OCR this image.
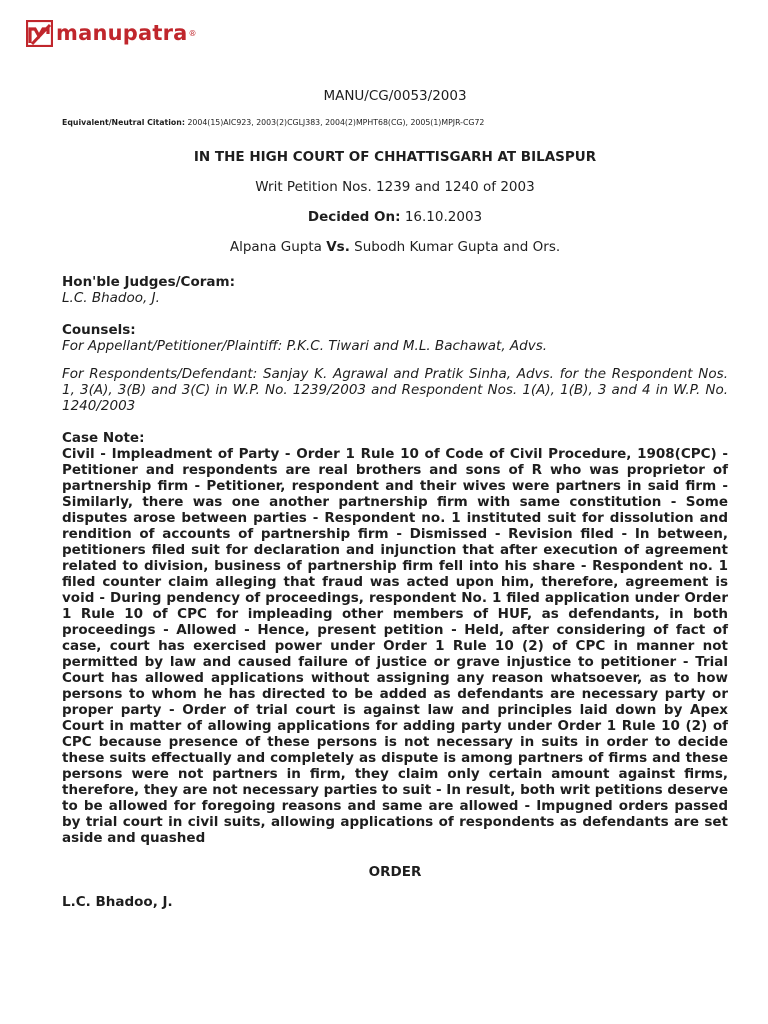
manupatra ®
MANU/CG/0053/2003
Equivalent/Neutral Citation: 2004(15)AIC923, 2003(2)CGLJ383, 2004(2)MPHT68(CG), 2005(1)MPJR-CG72
IN THE HIGH COURT OF CHHATTISGARH AT BILASPUR
Writ Petition Nos. 1239 and 1240 of 2003
Decided On: 16.10.2003
Alpana Gupta Vs. Subodh Kumar Gupta and Ors.
Hon'ble Judges/Coram:
L.C. Bhadoo, J.
Counsels:
For Appellant/Petitioner/Plaintiff: P.K.C. Tiwari and M.L. Bachawat, Advs.
For Respondents/Defendant: Sanjay K. Agrawal and Pratik Sinha, Advs. for the Respondent Nos. 1, 3(A), 3(B) and 3(C) in W.P. No. 1239/2003 and Respondent Nos. 1(A), 1(B), 3 and 4 in W.P. No. 1240/2003
Case Note:
Civil - Impleadment of Party - Order 1 Rule 10 of Code of Civil Procedure, 1908(CPC) - Petitioner and respondents are real brothers and sons of R who was proprietor of partnership firm - Petitioner, respondent and their wives were partners in said firm - Similarly, there was one another partnership firm with same constitution - Some disputes arose between parties - Respondent no. 1 instituted suit for dissolution and rendition of accounts of partnership firm - Dismissed - Revision filed - In between, petitioners filed suit for declaration and injunction that after execution of agreement related to division, business of partnership firm fell into his share - Respondent no. 1 filed counter claim alleging that fraud was acted upon him, therefore, agreement is void - During pendency of proceedings, respondent No. 1 filed application under Order 1 Rule 10 of CPC for impleading other members of HUF, as defendants, in both proceedings - Allowed - Hence, present petition - Held, after considering of fact of case, court has exercised power under Order 1 Rule 10 (2) of CPC in manner not permitted by law and caused failure of justice or grave injustice to petitioner - Trial Court has allowed applications without assigning any reason whatsoever, as to how persons to whom he has directed to be added as defendants are necessary party or proper party - Order of trial court is against law and principles laid down by Apex Court in matter of allowing applications for adding party under Order 1 Rule 10 (2) of CPC because presence of these persons is not necessary in suits in order to decide these suits effectually and completely as dispute is among partners of firms and these persons were not partners in firm, they claim only certain amount against firms, therefore, they are not necessary parties to suit - In result, both writ petitions deserve to be allowed for foregoing reasons and same are allowed - Impugned orders passed by trial court in civil suits, allowing applications of respondents as defendants are set aside and quashed
ORDER
L.C. Bhadoo, J.
